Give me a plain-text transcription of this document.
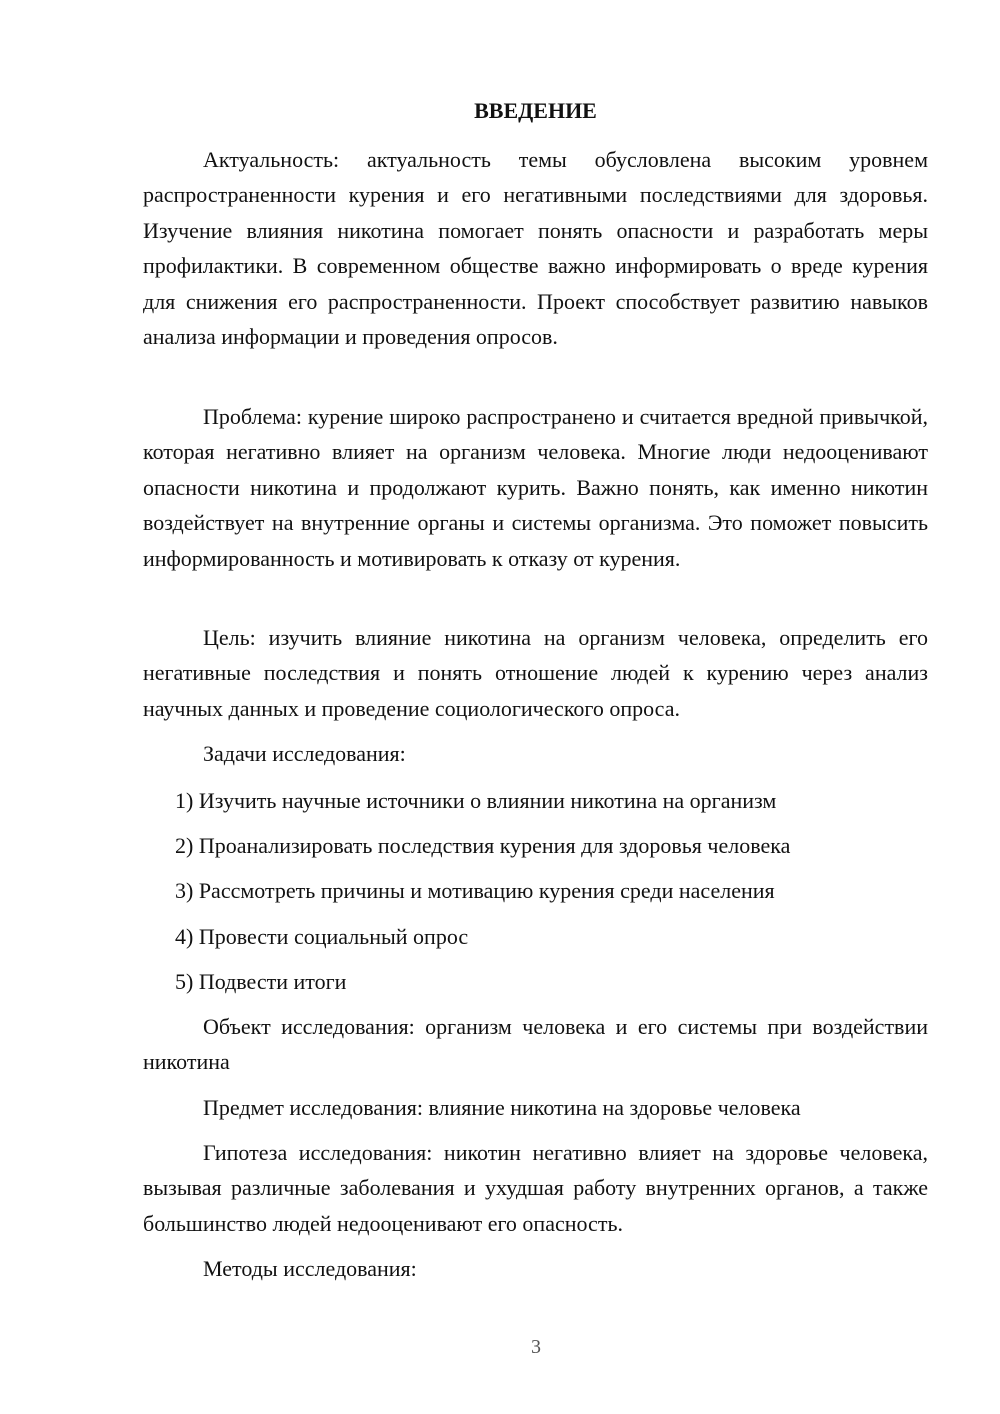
ВВЕДЕНИЕ

Актуальность: актуальность темы обусловлена высоким уровнем распространенности курения и его негативными последствиями для здоровья. Изучение влияния никотина помогает понять опасности и разработать меры профилактики. В современном обществе важно информировать о вреде курения для снижения его распространенности. Проект способствует развитию навыков анализа информации и проведения опросов.

Проблема: курение широко распространено и считается вредной привычкой, которая негативно влияет на организм человека. Многие люди недооценивают опасности никотина и продолжают курить. Важно понять, как именно никотин воздействует на внутренние органы и системы организма. Это поможет повысить информированность и мотивировать к отказу от курения.

Цель: изучить влияние никотина на организм человека, определить его негативные последствия и понять отношение людей к курению через анализ научных данных и проведение социологического опроса.

Задачи исследования:

1) Изучить научные источники о влиянии никотина на организм

2) Проанализировать последствия курения для здоровья человека

3) Рассмотреть причины и мотивацию курения среди населения

4) Провести социальный опрос

5) Подвести итоги

Объект исследования: организм человека и его системы при воздействии никотина

Предмет исследования: влияние никотина на здоровье человека

Гипотеза исследования: никотин негативно влияет на здоровье человека, вызывая различные заболевания и ухудшая работу внутренних органов, а также большинство людей недооценивают его опасность.

Методы исследования:

3
